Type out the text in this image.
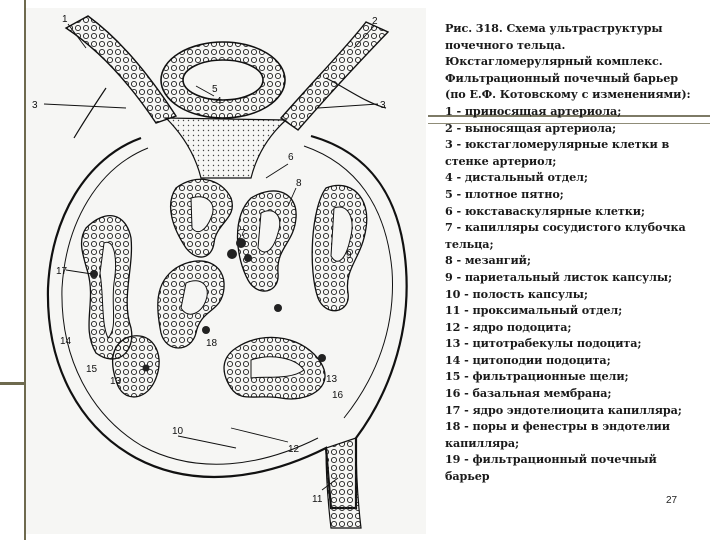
1	2
3	3
4
5
6
7
8
9
10
11
12
13	13
14
15
16
17
18
Рис. 318. Схема ультраструктуры
почечного тельца.
Юкстагломерулярный комплекс.
Фильтрационный почечный барьер
(по Е.Ф. Котовскому с изменениями):
1 - приносящая артериола;
2 - выносящая артериола;
3 - юкстагломерулярные клетки в
стенке артериол;
4 - дистальный отдел;
5 - плотное пятно;
6 - юкставаскулярные клетки;
7 - капилляры сосудистого клубочка
тельца;
8 - мезангий;
9 - париетальный листок капсулы;
10 - полость капсулы;
11 - проксимальный отдел;
12 - ядро подоцита;
13 - цитотрабекулы подоцита;
14 - цитоподии подоцита;
15 - фильтрационные щели;
16 - базальная мембрана;
17 - ядро эндотелиоцита капилляра;
18 - поры и фенестры в эндотелии
капилляра;
19 - фильтрационный почечный
барьер
27
